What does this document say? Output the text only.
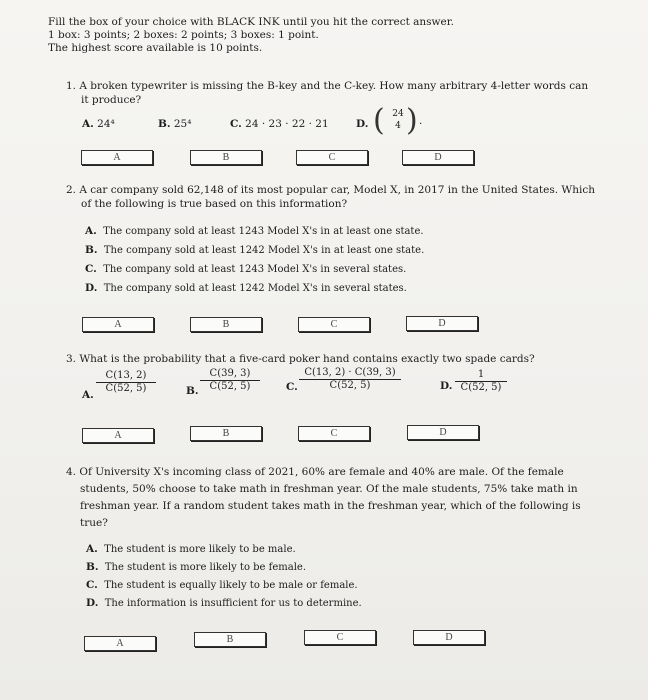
Fill the box of your choice with BLACK INK until you hit the correct answer.
1 box: 3 points; 2 boxes: 2 points; 3 boxes: 1 point.
The highest score available is 10 points.
1. A broken typewriter is missing the B-key and the C-key. How many arbitrary 4-letter words can
it produce?
A. 24⁴	B. 25⁴	C. 24 · 23 · 22 · 21	D. ( 24
4 ) ·
A	B	C	D
2. A car company sold 62,148 of its most popular car, Model X, in 2017 in the United States. Which
of the following is true based on this information?
A. The company sold at least 1243 Model X's in at least one state.
B. The company sold at least 1242 Model X's in at least one state.
C. The company sold at least 1243 Model X's in several states.
D. The company sold at least 1242 Model X's in several states.
A	B	C	D
3. What is the probability that a five-card poker hand contains exactly two spade cards?
A. $\frac{C(13, 2)}{C(52, 5)}$	B. $\frac{C(39, 3)}{C(52, 5)} C$. $\frac{C(13, 2) \cdot C(39, 3)}{C(52, 5)}$	D. $\frac{1}{C(52, 5)}$
A	B	C	D
4. Of University X's incoming class of 2021, 60% are female and 40% are male. Of the female
students, 50% choose to take math in freshman year. Of the male students, 75% take math in
freshman year. If a random student takes math in the freshman year, which of the following is
true?
A. The student is more likely to be male.
B. The student is more likely to be female.
C. The student is equally likely to be male or female.
D. The information is insufficient for us to determine.
A	B	C	D
